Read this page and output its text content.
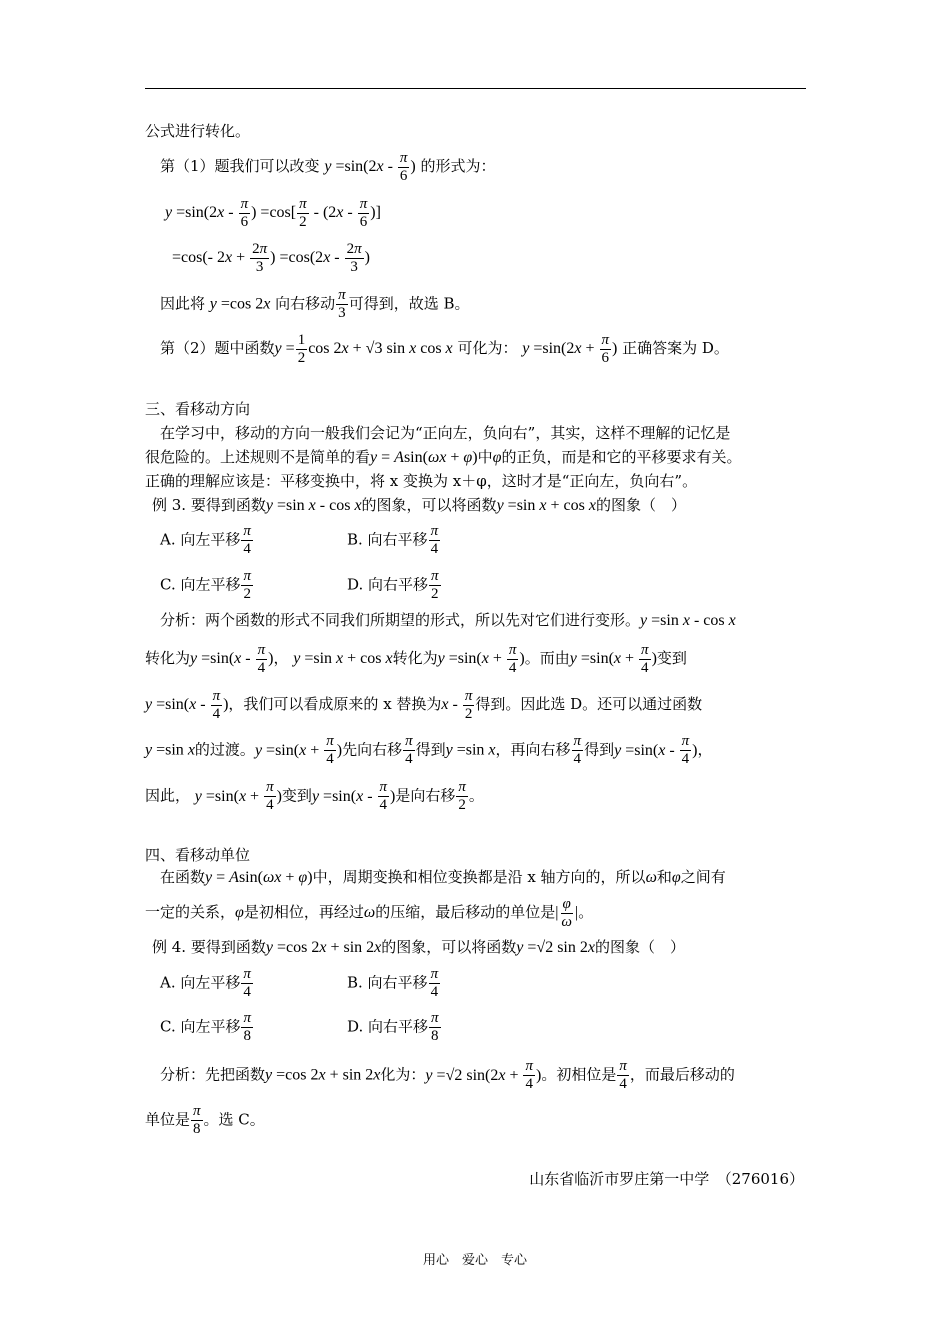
公式进行转化。
第（1）题我们可以改变 $y =\sin(2x - \frac{\pi}{6}$ ) 的形式为：
$y =\sin(2x - \frac{\pi}{6}$ ) $=\cos[ \frac{\pi}{2} - (2x - \frac{\pi}{6}$ )]
=cos(- $2x + \frac{2\pi}{3}$ ) $=\cos(2x - \frac{2\pi}{3}$ )
因此将 y =cos 2x 向右移动 $\frac{\pi}{3}$ 可得到，故选 B。
第（2）题中函数$y = \frac{1}{2}$ cos 2x + √3 sin x cos x 可化为： $y =\sin(2x + \frac{\pi}{6}$ ) 正确答案为 D。
三、看移动方向
在学习中，移动的方向一般我们会记为“正向左，负向右”，其实，这样不理解的记忆是
很危险的。上述规则不是简单的看y = Asin(ωx + φ)中φ的正负，而是和它的平移要求有关。
正确的理解应该是：平移变换中，将 x 变换为 x＋φ，这时才是“正向左，负向右”。
例 3. 要得到函数y =sin x - cos x的图象，可以将函数y =sin x + cos x的图象（　）
A. 向左平移 $\frac{\pi}{4}$	B. 向右平移 $\frac{\pi}{4}$
C. 向左平移 $\frac{\pi}{2}$	D. 向右平移 $\frac{\pi}{2}$
分析：两个函数的形式不同我们所期望的形式，所以先对它们进行变形。y =sin x - cos x
转化为$y =\sin(x - \frac{\pi}{4}$ )， y =sin x + cos x转化为$y =\sin(x + \frac{\pi}{4}$ )。而由$y =\sin(x + \frac{\pi}{4}$ )变到
$y =\sin(x - \frac{\pi}{4}$ )，我们可以看成原来的 x 替换为x - $\frac{\pi}{2}$ 得到。因此选 D。还可以通过函数
y =sin x的过渡。$y =\sin(x + \frac{\pi}{4}$ )先向右移 $\frac{\pi}{4}$ 得到y =sin x，再向右移 $\frac{\pi}{4}$ 得到$y =\sin(x - \frac{\pi}{4}$ )，
因此， $y =\sin(x + \frac{\pi}{4}$ )变到$y =\sin(x - \frac{\pi}{4}$ )是向右移 $\frac{\pi}{2}$ 。
四、看移动单位
在函数y = Asin(ωx + φ)中，周期变换和相位变换都是沿 x 轴方向的，所以ω和φ之间有
一定的关系，φ是初相位，再经过ω的压缩，最后移动的单位是| $\frac{\varphi}{\omega}$ |。
例 4. 要得到函数y =cos 2x + sin 2x的图象，可以将函数y =√2 sin 2x的图象（　）
A. 向左平移 $\frac{\pi}{4}$	B. 向右平移 $\frac{\pi}{4}$
C. 向左平移 $\frac{\pi}{8}$	D. 向右平移 $\frac{\pi}{8}$
分析：先把函数y =cos 2x + sin 2x化为：y =√2 $\sin(2x + \frac{\pi}{4}$ )。初相位是 $\frac{\pi}{4}$ ，而最后移动的
单位是 $\frac{\pi}{8}$ 。选 C。
山东省临沂市罗庄第一中学　（276016）
用心　爱心　专心
